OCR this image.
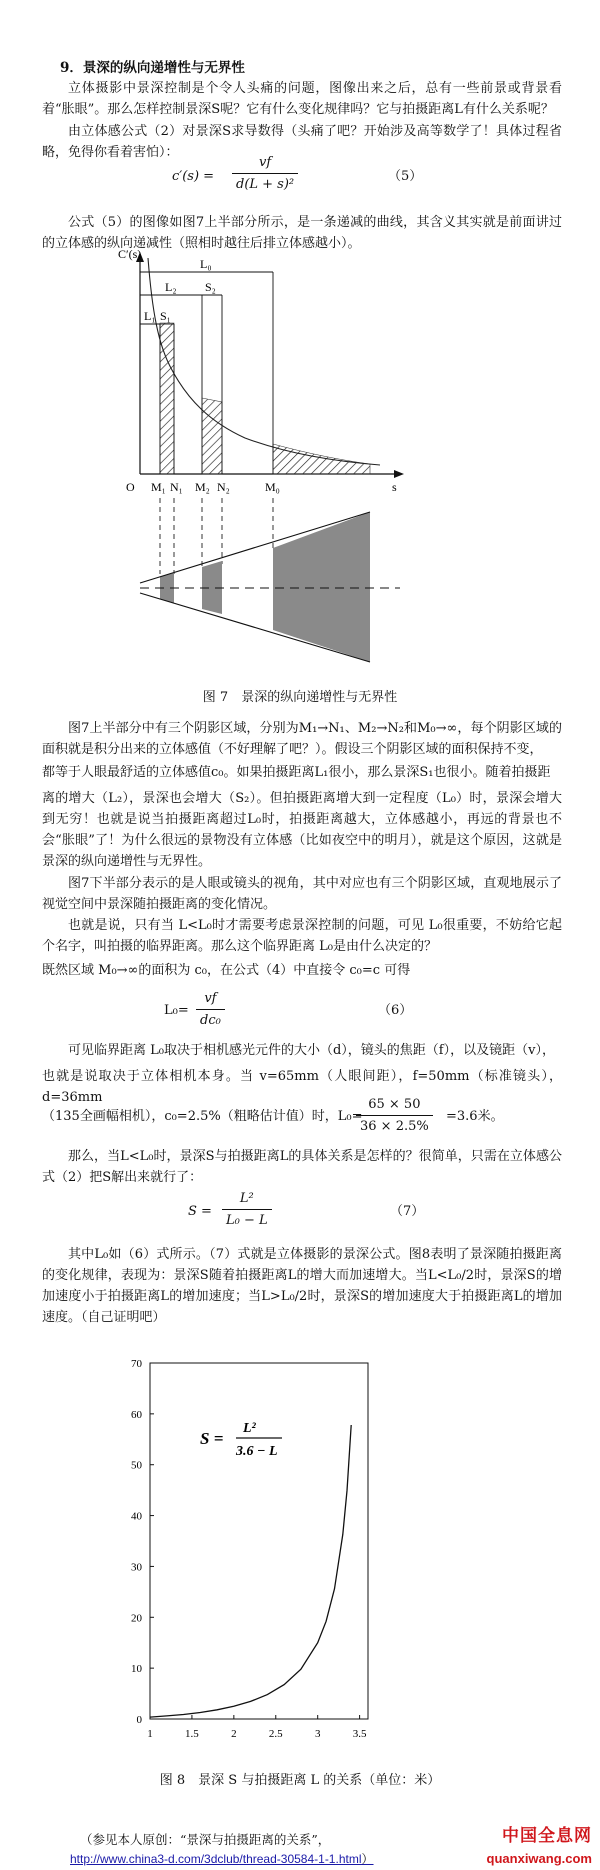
9．景深的纵向递增性与无界性
立体摄影中景深控制是个令人头痛的问题，图像出来之后，总有一些前景或背景看着“胀眼”。那么怎样控制景深S呢？它有什么变化规律吗？它与拍摄距离L有什么关系呢？
由立体感公式（2）对景深S求导数得（头痛了吧？开始涉及高等数学了！具体过程省略，免得你看着害怕）：
$c'(s) = \frac{vf}{\text{d(L + s)²}}$	（5）
公式（5）的图像如图7上半部分所示，是一条递减的曲线，其含义其实就是前面讲过的立体感的纵向递减性（照相时越往后排立体感越小）。
C′(s)
s
O
L₀
L₂ S₂
L₁ S₁
M₁ N₁ M₂ N₂	M₀
图 7　景深的纵向递增性与无界性
图7上半部分中有三个阴影区域，分别为M₁→N₁、M₂→N₂和M₀→∞，每个阴影区域的面积就是积分出来的立体感值（不好理解了吧？）。假设三个阴影区域的面积保持不变，
都等于人眼最舒适的立体感值c₀。如果拍摄距离L₁很小，那么景深S₁也很小。随着拍摄距
离的增大（L₂），景深也会增大（S₂）。但拍摄距离增大到一定程度（L₀）时，景深会增大到无穷！也就是说当拍摄距离超过L₀时，拍摄距离越大，立体感越小，再远的背景也不会“胀眼”了！为什么很远的景物没有立体感（比如夜空中的明月），就是这个原因，这就是景深的纵向递增性与无界性。
图7下半部分表示的是人眼或镜头的视角，其中对应也有三个阴影区域，直观地展示了视觉空间中景深随拍摄距离的变化情况。
也就是说，只有当 L<L₀时才需要考虑景深控制的问题，可见 L₀很重要，不妨给它起个名字，叫拍摄的临界距离。那么这个临界距离 L₀是由什么决定的？
既然区域 M₀→∞的面积为 c₀，在公式（4）中直接令 c₀=c 可得
$L_0= \frac{vf}{\text{dc₀}}$	（6）
可见临界距离 L₀取决于相机感光元件的大小（d），镜头的焦距（f），以及镜距（v），
也就是说取决于立体相机本身。当 v=65mm（人眼间距），f=50mm（标准镜头），d=36mm
（135全画幅相机），c₀=2.5%（粗略估计值）时，L₀=
$\frac{65 \times 50}{36 \times 2.5\%} =3.6$米。
那么，当L<L₀时，景深S与拍摄距离L的具体关系是怎样的？很简单，只需在立体感公式（2）把S解出来就行了：
$S = \frac{\text{L²}}{\text{L₀ − L}}$	（7）
其中L₀如（6）式所示。（7）式就是立体摄影的景深公式。图8表明了景深随拍摄距离的变化规律，表现为：景深S随着拍摄距离L的增大而加速增大。当L<L₀/2时，景深S的增加速度小于拍摄距离L的增加速度；当L>L₀/2时，景深S的增加速度大于拍摄距离L的增加速度。（自己证明吧）
0
10
20
30
40
50
60
70
1	1.5	2	2.5	3	3.5
S =
L²
3.6 − L
图 8　景深 S 与拍摄距离 L 的关系（单位：米）
（参见本人原创：“景深与拍摄距离的关系”，
http://www.china3-d.com/3dclub/thread-30584-1-1.html）
中国全息网
quanxiwang.com
